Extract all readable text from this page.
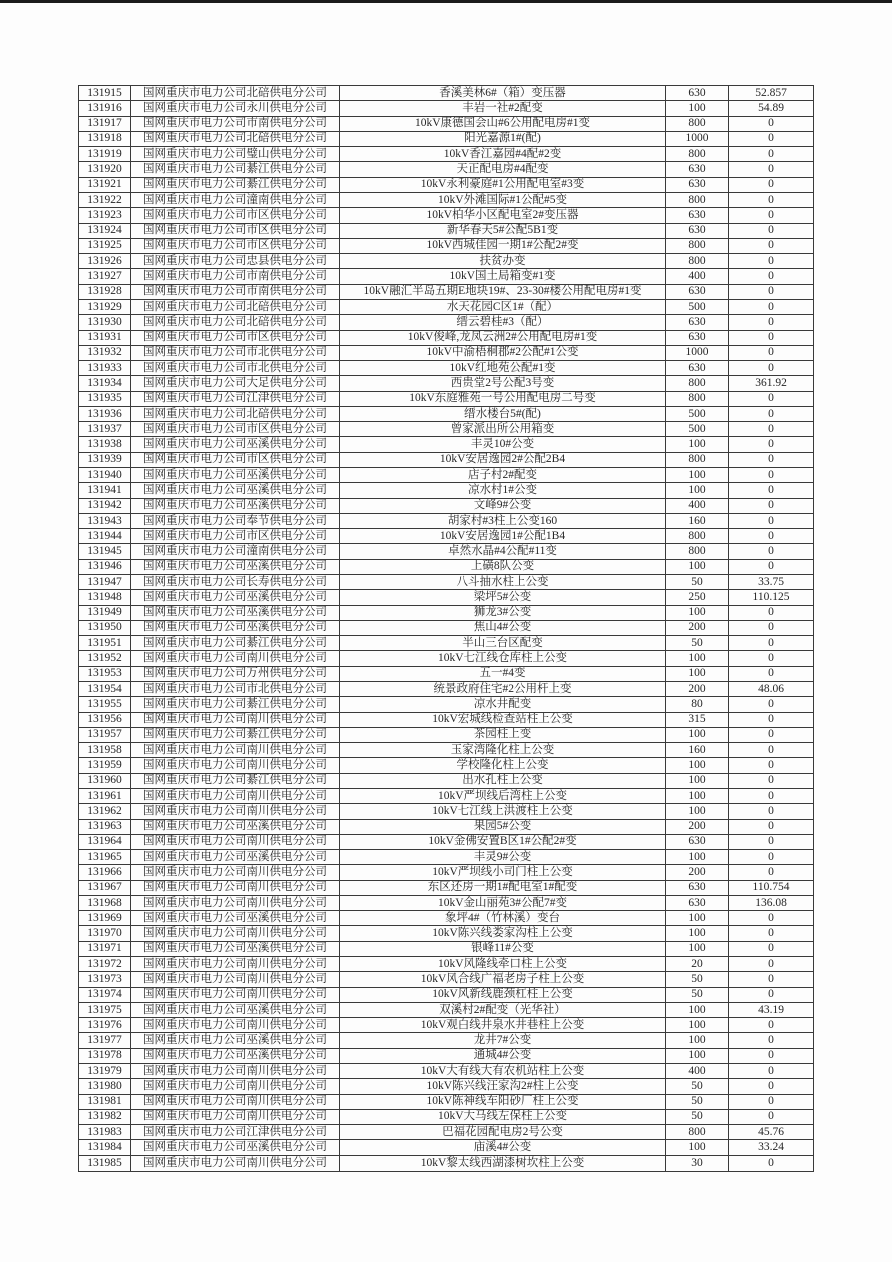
131915	国网重庆市电力公司北碚供电分公司	香溪美林6#（箱）变压器	630	52.857
131916	国网重庆市电力公司永川供电分公司	丰岩一社#2配变	100	54.89
131917	国网重庆市电力公司市南供电分公司	10kV康德国会山#6公用配电房#1变	800	0
131918	国网重庆市电力公司北碚供电分公司	阳光嘉源1#(配)	1000	0
131919	国网重庆市电力公司璧山供电分公司	10kV香江嘉园#4配#2变	800	0
131920	国网重庆市电力公司綦江供电分公司	天正配电房#4配变	630	0
131921	国网重庆市电力公司綦江供电分公司	10kV永利豪庭#1公用配电室#3变	630	0
131922	国网重庆市电力公司潼南供电分公司	10kV外滩国际#1公配#5变	800	0
131923	国网重庆市电力公司市区供电分公司	10kV柏华小区配电室2#变压器	630	0
131924	国网重庆市电力公司市区供电分公司	新华春天5#公配5B1变	630	0
131925	国网重庆市电力公司市区供电分公司	10kV西城佳园一期1#公配2#变	800	0
131926	国网重庆市电力公司忠县供电分公司	扶贫办变	800	0
131927	国网重庆市电力公司市南供电分公司	10kV国土局箱变#1变	400	0
131928	国网重庆市电力公司市南供电分公司	10kV融汇半岛五期E地块19#、23-30#楼公用配电房#1变	630	0
131929	国网重庆市电力公司北碚供电分公司	水天花园C区1#（配）	500	0
131930	国网重庆市电力公司北碚供电分公司	缙云碧桂#3（配）	630	0
131931	国网重庆市电力公司市区供电分公司	10kV俊峰,龙凤云洲2#公用配电房#1变	630	0
131932	国网重庆市电力公司市北供电分公司	10kV中渝梧桐郡#2公配#1公变	1000	0
131933	国网重庆市电力公司市北供电分公司	10kV红地苑公配#1变	630	0
131934	国网重庆市电力公司大足供电分公司	西贵堂2号公配3号变	800	361.92
131935	国网重庆市电力公司江津供电分公司	10kV东庭雅苑一号公用配电房二号变	800	0
131936	国网重庆市电力公司北碚供电分公司	缙水楼台5#(配)	500	0
131937	国网重庆市电力公司市区供电分公司	曾家派出所公用箱变	500	0
131938	国网重庆市电力公司巫溪供电分公司	丰灵10#公变	100	0
131939	国网重庆市电力公司市区供电分公司	10kV安居逸园2#公配2B4	800	0
131940	国网重庆市电力公司巫溪供电分公司	店子村2#配变	100	0
131941	国网重庆市电力公司巫溪供电分公司	凉水村1#公变	100	0
131942	国网重庆市电力公司巫溪供电分公司	文峰9#公变	400	0
131943	国网重庆市电力公司奉节供电分公司	胡家村#3柱上公变160	160	0
131944	国网重庆市电力公司市区供电分公司	10kV安居逸园1#公配1B4	800	0
131945	国网重庆市电力公司潼南供电分公司	卓然水晶#4公配#11变	800	0
131946	国网重庆市电力公司巫溪供电分公司	上磺8队公变	100	0
131947	国网重庆市电力公司长寿供电分公司	八斗抽水柱上公变	50	33.75
131948	国网重庆市电力公司巫溪供电分公司	梁坪5#公变	250	110.125
131949	国网重庆市电力公司巫溪供电分公司	狮龙3#公变	100	0
131950	国网重庆市电力公司巫溪供电分公司	焦山4#公变	200	0
131951	国网重庆市电力公司綦江供电分公司	半山三台区配变	50	0
131952	国网重庆市电力公司南川供电分公司	10kV七江线仓库柱上公变	100	0
131953	国网重庆市电力公司万州供电分公司	五一#4变	100	0
131954	国网重庆市电力公司市北供电分公司	统景政府住宅#2公用杆上变	200	48.06
131955	国网重庆市电力公司綦江供电分公司	凉水井配变	80	0
131956	国网重庆市电力公司南川供电分公司	10kV宏城线检查站柱上公变	315	0
131957	国网重庆市电力公司綦江供电分公司	茶园柱上变	100	0
131958	国网重庆市电力公司南川供电分公司	玉家湾隆化柱上公变	160	0
131959	国网重庆市电力公司南川供电分公司	学校隆化柱上公变	100	0
131960	国网重庆市电力公司綦江供电分公司	出水孔柱上公变	100	0
131961	国网重庆市电力公司南川供电分公司	10kV严坝线后湾柱上公变	100	0
131962	国网重庆市电力公司南川供电分公司	10kV七江线上洪渡柱上公变	100	0
131963	国网重庆市电力公司巫溪供电分公司	果园5#公变	200	0
131964	国网重庆市电力公司南川供电分公司	10kV金佛安置B区1#公配2#变	630	0
131965	国网重庆市电力公司巫溪供电分公司	丰灵9#公变	100	0
131966	国网重庆市电力公司南川供电分公司	10kV严坝线小司门柱上公变	200	0
131967	国网重庆市电力公司南川供电分公司	东区还房一期1#配电室1#配变	630	110.754
131968	国网重庆市电力公司南川供电分公司	10kV金山丽苑3#公配7#变	630	136.08
131969	国网重庆市电力公司巫溪供电分公司	象坪4#（竹林溪）变台	100	0
131970	国网重庆市电力公司南川供电分公司	10kV陈兴线娄家沟柱上公变	100	0
131971	国网重庆市电力公司巫溪供电分公司	银峰11#公变	100	0
131972	国网重庆市电力公司南川供电分公司	10kV风隆线牵口柱上公变	20	0
131973	国网重庆市电力公司南川供电分公司	10kV风合线广福老房子柱上公变	50	0
131974	国网重庆市电力公司南川供电分公司	10kV风新线鹿颈杠柱上公变	50	0
131975	国网重庆市电力公司巫溪供电分公司	双溪村2#配变（光华社）	100	43.19
131976	国网重庆市电力公司南川供电分公司	10kV观白线井泉水井巷柱上公变	100	0
131977	国网重庆市电力公司巫溪供电分公司	龙井7#公变	100	0
131978	国网重庆市电力公司巫溪供电分公司	通城4#公变	100	0
131979	国网重庆市电力公司南川供电分公司	10kV大有线大有农机站柱上公变	400	0
131980	国网重庆市电力公司南川供电分公司	10kV陈兴线汪家沟2#柱上公变	50	0
131981	国网重庆市电力公司南川供电分公司	10kV陈神线车阳砂厂柱上公变	50	0
131982	国网重庆市电力公司南川供电分公司	10kV大马线左保柱上公变	50	0
131983	国网重庆市电力公司江津供电分公司	巴福花园配电房2号公变	800	45.76
131984	国网重庆市电力公司巫溪供电分公司	庙溪4#公变	100	33.24
131985	国网重庆市电力公司南川供电分公司	10kV黎太线西湖漆树坎柱上公变	30	0
